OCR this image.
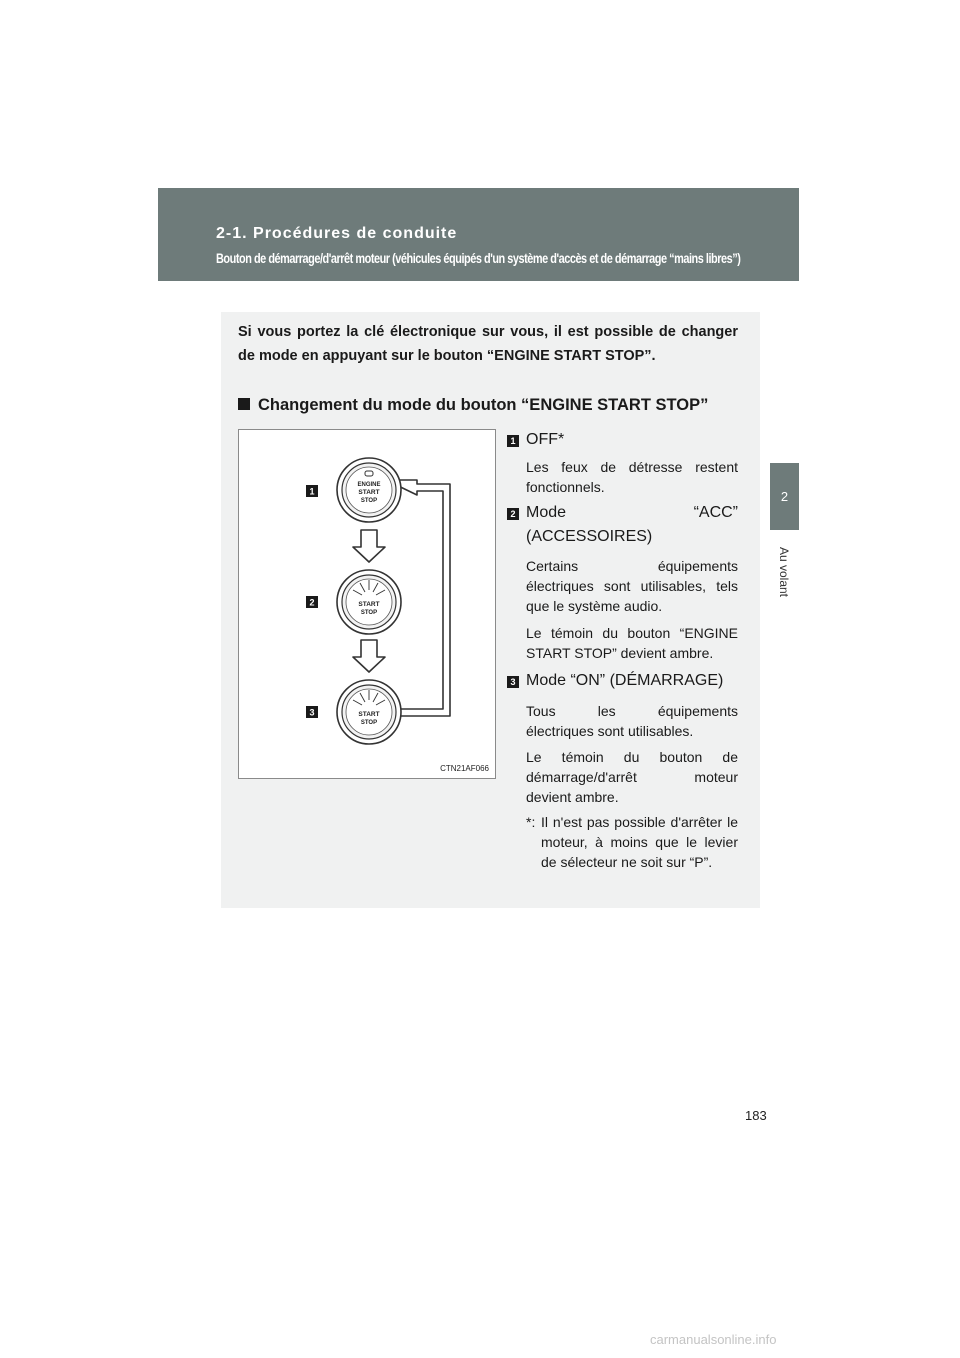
2-1. Procédures de conduite
Bouton de démarrage/d'arrêt moteur (véhicules équipés d'un système d'accès et de démarrage “mains libres”)
2
Au volant
Si vous portez la clé électronique sur vous, il est possible de changer de mode en appuyant sur le bouton “ENGINE START STOP”.
Changement du mode du bouton “ENGINE START STOP”
ENGINE
START
STOP
START
STOP
START
STOP
1
2
3
CTN21AF066
1 OFF*
Les feux de détresse restent
fonctionnels.
2 Mode “ACC”
(ACCESSOIRES)
Certains équipements
électriques sont utilisables, tels
que le système audio.
Le témoin du bouton “ENGINE
START STOP” devient ambre.
3 Mode “ON” (DÉMARRAGE)
Tous les équipements
électriques sont utilisables.
Le témoin du bouton de
démarrage/d'arrêt moteur
devient ambre.
*: Il n'est pas possible d'arrêter le moteur, à moins que le levier de sélecteur ne soit sur “P”.
183
carmanualsonline.info
